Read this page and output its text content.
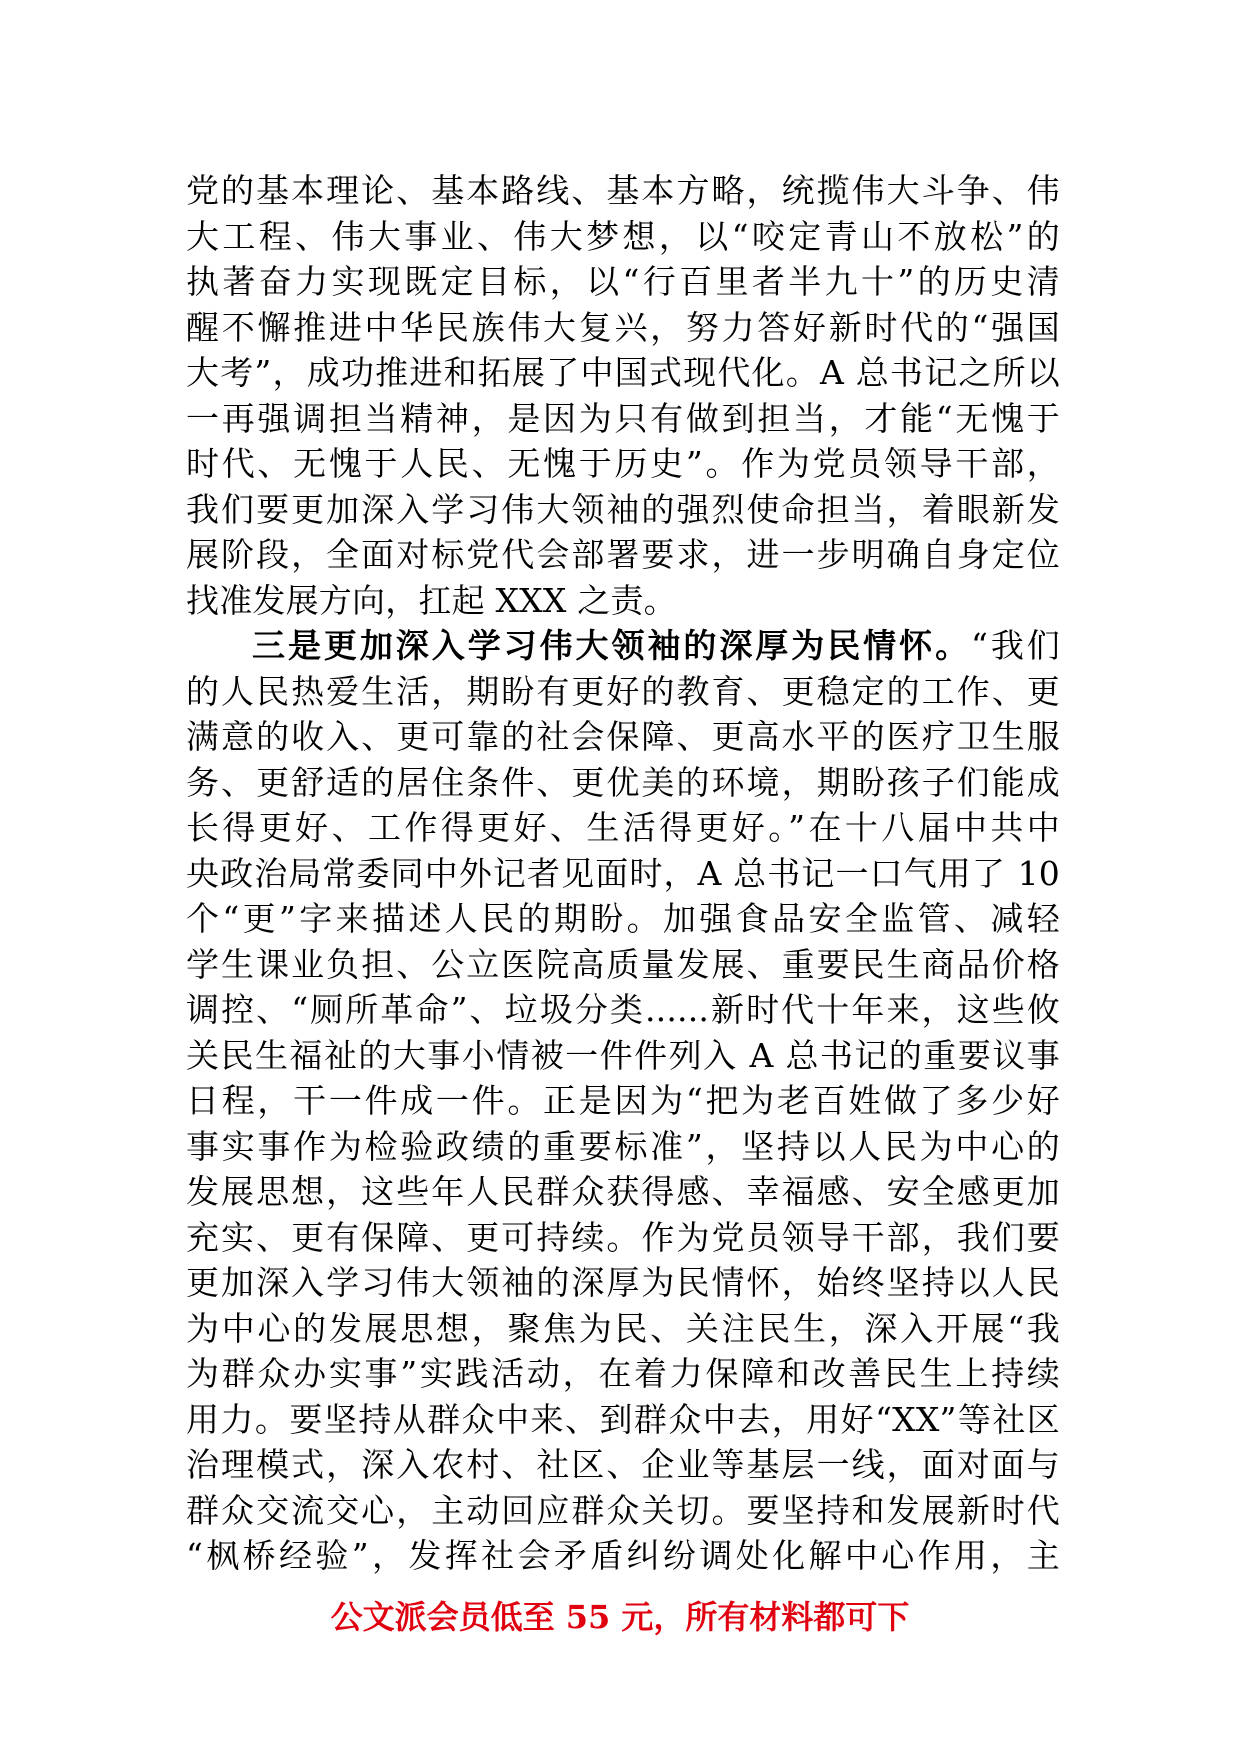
党的基本理论、基本路线、基本方略，统揽伟大斗争、伟
大工程、伟大事业、伟大梦想，以“咬定青山不放松”的
执著奋力实现既定目标，以“行百里者半九十”的历史清
醒不懈推进中华民族伟大复兴，努力答好新时代的“强国
大考”，成功推进和拓展了中国式现代化。A 总书记之所以
一再强调担当精神，是因为只有做到担当，才能“无愧于
时代、无愧于人民、无愧于历史”。作为党员领导干部，
我们要更加深入学习伟大领袖的强烈使命担当，着眼新发
展阶段，全面对标党代会部署要求，进一步明确自身定位
找准发展方向，扛起 XXX 之责。
三是更加深入学习伟大领袖的深厚为民情怀。“我们
的人民热爱生活，期盼有更好的教育、更稳定的工作、更
满意的收入、更可靠的社会保障、更高水平的医疗卫生服
务、更舒适的居住条件、更优美的环境，期盼孩子们能成
长得更好、工作得更好、生活得更好。”在十八届中共中
央政治局常委同中外记者见面时，A 总书记一口气用了 10
个“更”字来描述人民的期盼。加强食品安全监管、减轻
学生课业负担、公立医院高质量发展、重要民生商品价格
调控、“厕所革命”、垃圾分类......新时代十年来，这些攸
关民生福祉的大事小情被一件件列入 A 总书记的重要议事
日程，干一件成一件。正是因为“把为老百姓做了多少好
事实事作为检验政绩的重要标准”，坚持以人民为中心的
发展思想，这些年人民群众获得感、幸福感、安全感更加
充实、更有保障、更可持续。作为党员领导干部，我们要
更加深入学习伟大领袖的深厚为民情怀，始终坚持以人民
为中心的发展思想，聚焦为民、关注民生，深入开展“我
为群众办实事”实践活动，在着力保障和改善民生上持续
用力。要坚持从群众中来、到群众中去，用好“XX”等社区
治理模式，深入农村、社区、企业等基层一线，面对面与
群众交流交心，主动回应群众关切。要坚持和发展新时代
“枫桥经验”，发挥社会矛盾纠纷调处化解中心作用，主
公文派会员低至 55 元，所有材料都可下
